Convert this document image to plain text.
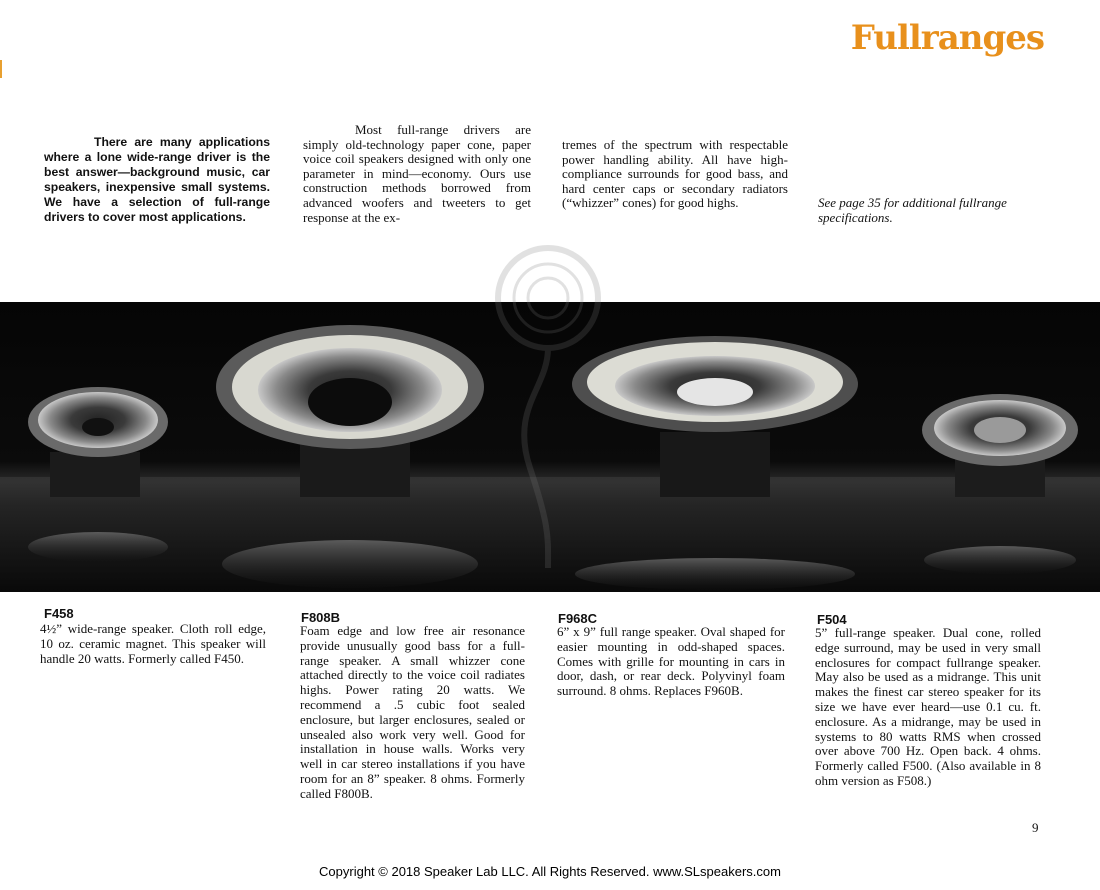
Fullranges
There are many applications where a lone wide-range driver is the best answer—background music, car speakers, inexpensive small systems. We have a selection of full-range drivers to cover most applications.
Most full-range drivers are simply old-technology paper cone, paper voice coil speakers designed with only one parameter in mind—economy. Ours use construction methods borrowed from advanced woofers and tweeters to get response at the ex-
tremes of the spectrum with respectable power handling ability. All have high-compliance surrounds for good bass, and hard center caps or secondary radiators (“whizzer” cones) for good highs.	See page 35 for additional fullrange specifications.
F458
4½” wide-range speaker. Cloth roll edge, 10 oz. ceramic magnet. This speaker will handle 20 watts. Formerly called F450.
F808B
Foam edge and low free air resonance provide unusually good bass for a full-range speaker. A small whizzer cone attached directly to the voice coil radiates highs. Power rating 20 watts. We recommend a .5 cubic foot sealed enclosure, but larger enclosures, sealed or unsealed also work very well. Good for installation in house walls. Works very well in car stereo installations if you have room for an 8” speaker. 8 ohms. Formerly called F800B.
F968C
6” x 9” full range speaker. Oval shaped for easier mounting in odd-shaped spaces. Comes with grille for mounting in cars in door, dash, or rear deck. Polyvinyl foam surround. 8 ohms. Replaces F960B.
F504
5” full-range speaker. Dual cone, rolled edge surround, may be used in very small enclosures for compact fullrange speaker. May also be used as a midrange. This unit makes the finest car stereo speaker for its size we have ever heard—use 0.1 cu. ft. enclosure. As a midrange, may be used in systems to 80 watts RMS when crossed over above 700 Hz. Open back. 4 ohms. Formerly called F500. (Also available in 8 ohm version as F508.)
9
Copyright © 2018 Speaker Lab LLC. All Rights Reserved. www.SLspeakers.com
